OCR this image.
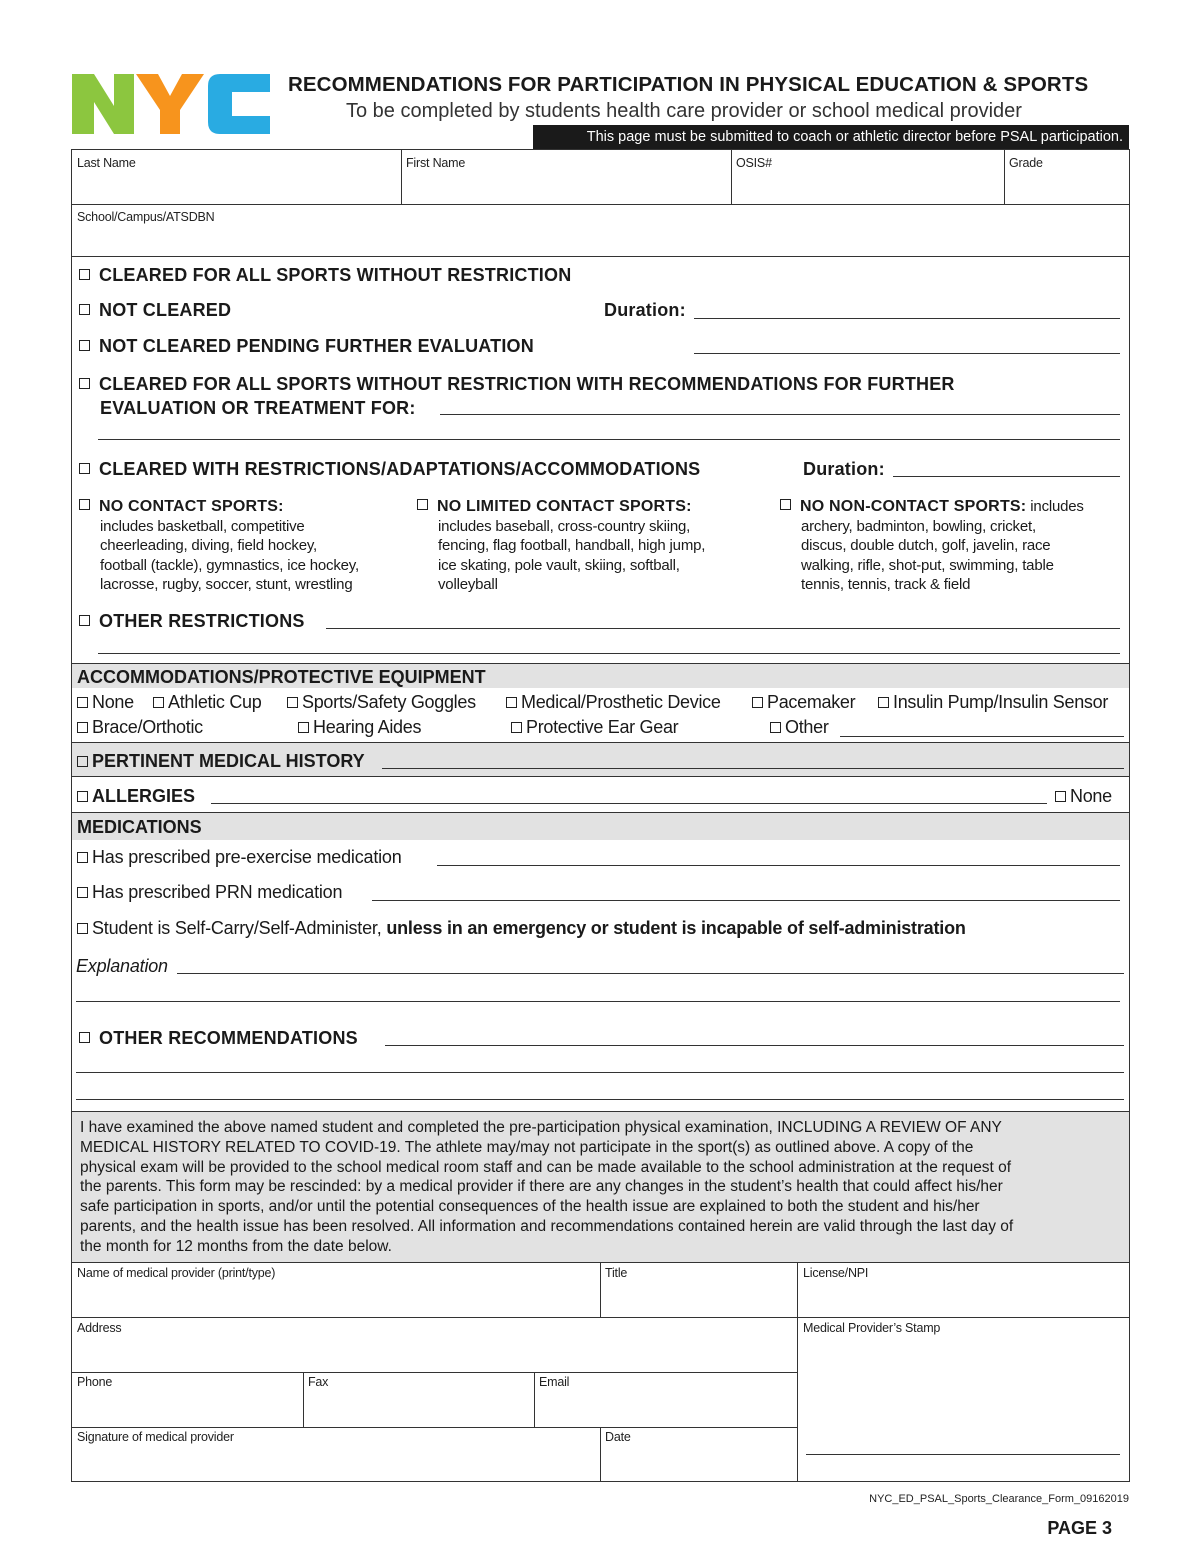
RECOMMENDATIONS FOR PARTICIPATION IN PHYSICAL EDUCATION & SPORTS
To be completed by students health care provider or school medical provider
This page must be submitted to coach or athletic director before PSAL participation.
Last Name	First Name	OSIS#	Grade
School/Campus/ATSDBN
CLEARED FOR ALL SPORTS WITHOUT RESTRICTION
NOT CLEARED	Duration:
NOT CLEARED PENDING FURTHER EVALUATION
CLEARED FOR ALL SPORTS WITHOUT RESTRICTION WITH RECOMMENDATIONS FOR FURTHER
EVALUATION OR TREATMENT FOR:
CLEARED WITH RESTRICTIONS/ADAPTATIONS/ACCOMMODATIONS	Duration:
NO CONTACT SPORTS:
includes basketball, competitive
cheerleading, diving, field hockey,
football (tackle), gymnastics, ice hockey,
lacrosse, rugby, soccer, stunt, wrestling
NO LIMITED CONTACT SPORTS:
includes baseball, cross-country skiing,
fencing, flag football, handball, high jump,
ice skating, pole vault, skiing, softball,
volleyball
NO NON-CONTACT SPORTS: includes
archery, badminton, bowling, cricket,
discus, double dutch, golf, javelin, race
walking, rifle, shot-put, swimming, table
tennis, tennis, track & field
OTHER RESTRICTIONS
ACCOMMODATIONS/PROTECTIVE EQUIPMENT
None	Athletic Cup	Sports/Safety Goggles	Medical/Prosthetic Device	Pacemaker	Insulin Pump/Insulin Sensor
Brace/Orthotic	Hearing Aides	Protective Ear Gear	Other
PERTINENT MEDICAL HISTORY
ALLERGIES	None
MEDICATIONS
Has prescribed pre-exercise medication
Has prescribed PRN medication
Student is Self-Carry/Self-Administer, unless in an emergency or student is incapable of self-administration
Explanation
OTHER RECOMMENDATIONS
I have examined the above named student and completed the pre-participation physical examination, INCLUDING A REVIEW OF ANY
MEDICAL HISTORY RELATED TO COVID-19. The athlete may/may not participate in the sport(s) as outlined above. A copy of the
physical exam will be provided to the school medical room staff and can be made available to the school administration at the request of
the parents. This form may be rescinded: by a medical provider if there are any changes in the student’s health that could affect his/her
safe participation in sports, and/or until the potential consequences of the health issue are explained to both the student and his/her
parents, and the health issue has been resolved. All information and recommendations contained herein are valid through the last day of
the month for 12 months from the date below.
Name of medical provider (print/type)	Title	License/NPI
Address	Medical Provider’s Stamp
Phone	Fax	Email
Signature of medical provider	Date
NYC_ED_PSAL_Sports_Clearance_Form_09162019
PAGE 3
